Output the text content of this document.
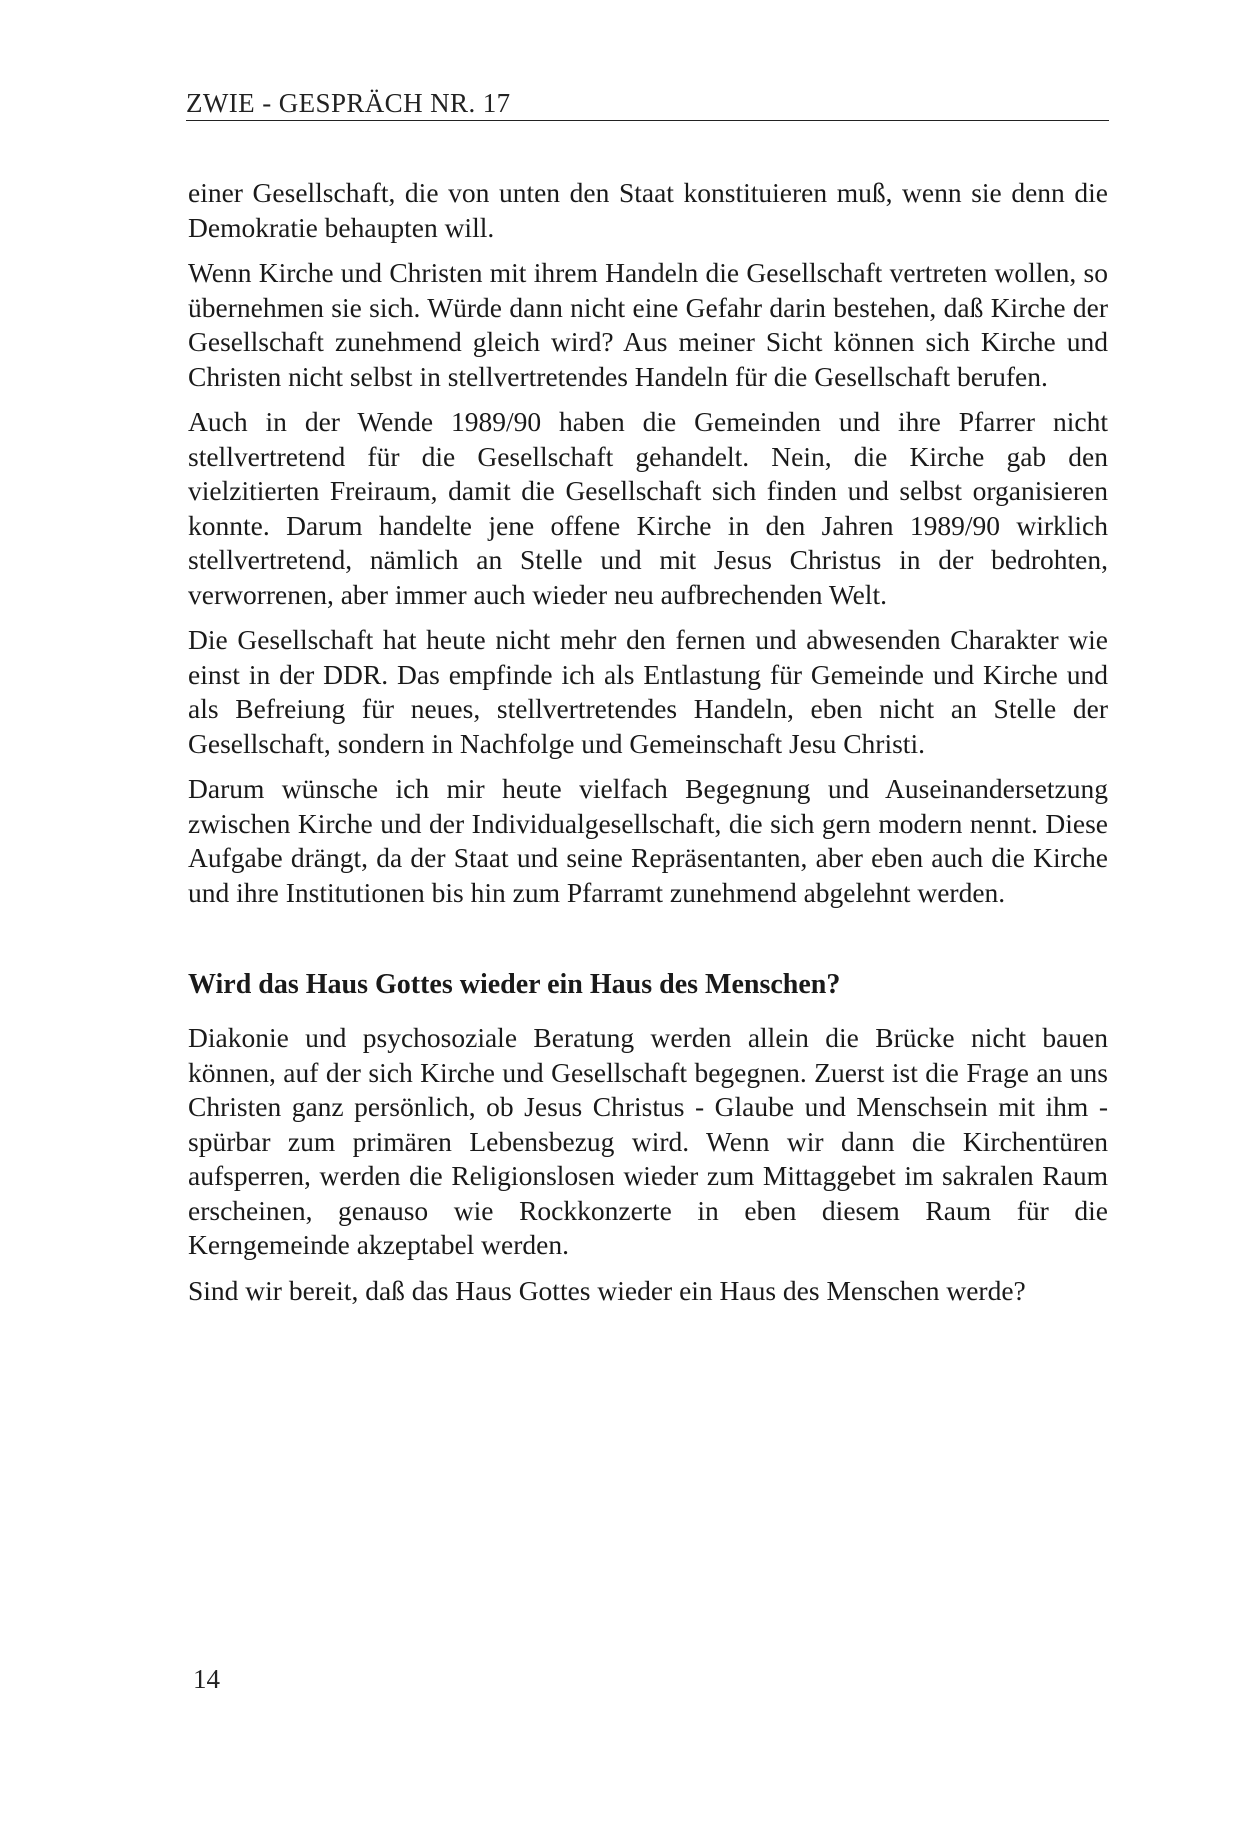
ZWIE - GESPRÄCH NR. 17

einer Gesellschaft, die von unten den Staat konstituieren muß, wenn sie denn die Demokratie behaupten will.

Wenn Kirche und Christen mit ihrem Handeln die Gesellschaft vertreten wollen, so übernehmen sie sich. Würde dann nicht eine Gefahr darin bestehen, daß Kirche der Gesellschaft zunehmend gleich wird? Aus meiner Sicht können sich Kirche und Christen nicht selbst in stellvertretendes Handeln für die Gesellschaft berufen.

Auch in der Wende 1989/90 haben die Gemeinden und ihre Pfarrer nicht stellvertretend für die Gesellschaft gehandelt. Nein, die Kirche gab den vielzitierten Freiraum, damit die Gesellschaft sich finden und selbst organisieren konnte. Darum handelte jene offene Kirche in den Jahren 1989/90 wirklich stellvertretend, nämlich an Stelle und mit Jesus Christus in der bedrohten, verworrenen, aber immer auch wieder neu aufbrechenden Welt.

Die Gesellschaft hat heute nicht mehr den fernen und abwesenden Charakter wie einst in der DDR. Das empfinde ich als Entlastung für Gemeinde und Kirche und als Befreiung für neues, stellvertretendes Handeln, eben nicht an Stelle der Gesellschaft, sondern in Nachfolge und Gemeinschaft Jesu Christi.

Darum wünsche ich mir heute vielfach Begegnung und Auseinandersetzung zwischen Kirche und der Individualgesellschaft, die sich gern modern nennt. Diese Aufgabe drängt, da der Staat und seine Repräsentanten, aber eben auch die Kirche und ihre Institutionen bis hin zum Pfarramt zunehmend abgelehnt werden.

Wird das Haus Gottes wieder ein Haus des Menschen?

Diakonie und psychosoziale Beratung werden allein die Brücke nicht bauen können, auf der sich Kirche und Gesellschaft begegnen. Zuerst ist die Frage an uns Christen ganz persönlich, ob Jesus Christus - Glaube und Menschsein mit ihm - spürbar zum primären Lebensbezug wird. Wenn wir dann die Kirchentüren aufsperren, werden die Religionslosen wieder zum Mittaggebet im sakralen Raum erscheinen, genauso wie Rockkonzerte in eben diesem Raum für die Kerngemeinde akzeptabel werden.

Sind wir bereit, daß das Haus Gottes wieder ein Haus des Menschen werde?

14
